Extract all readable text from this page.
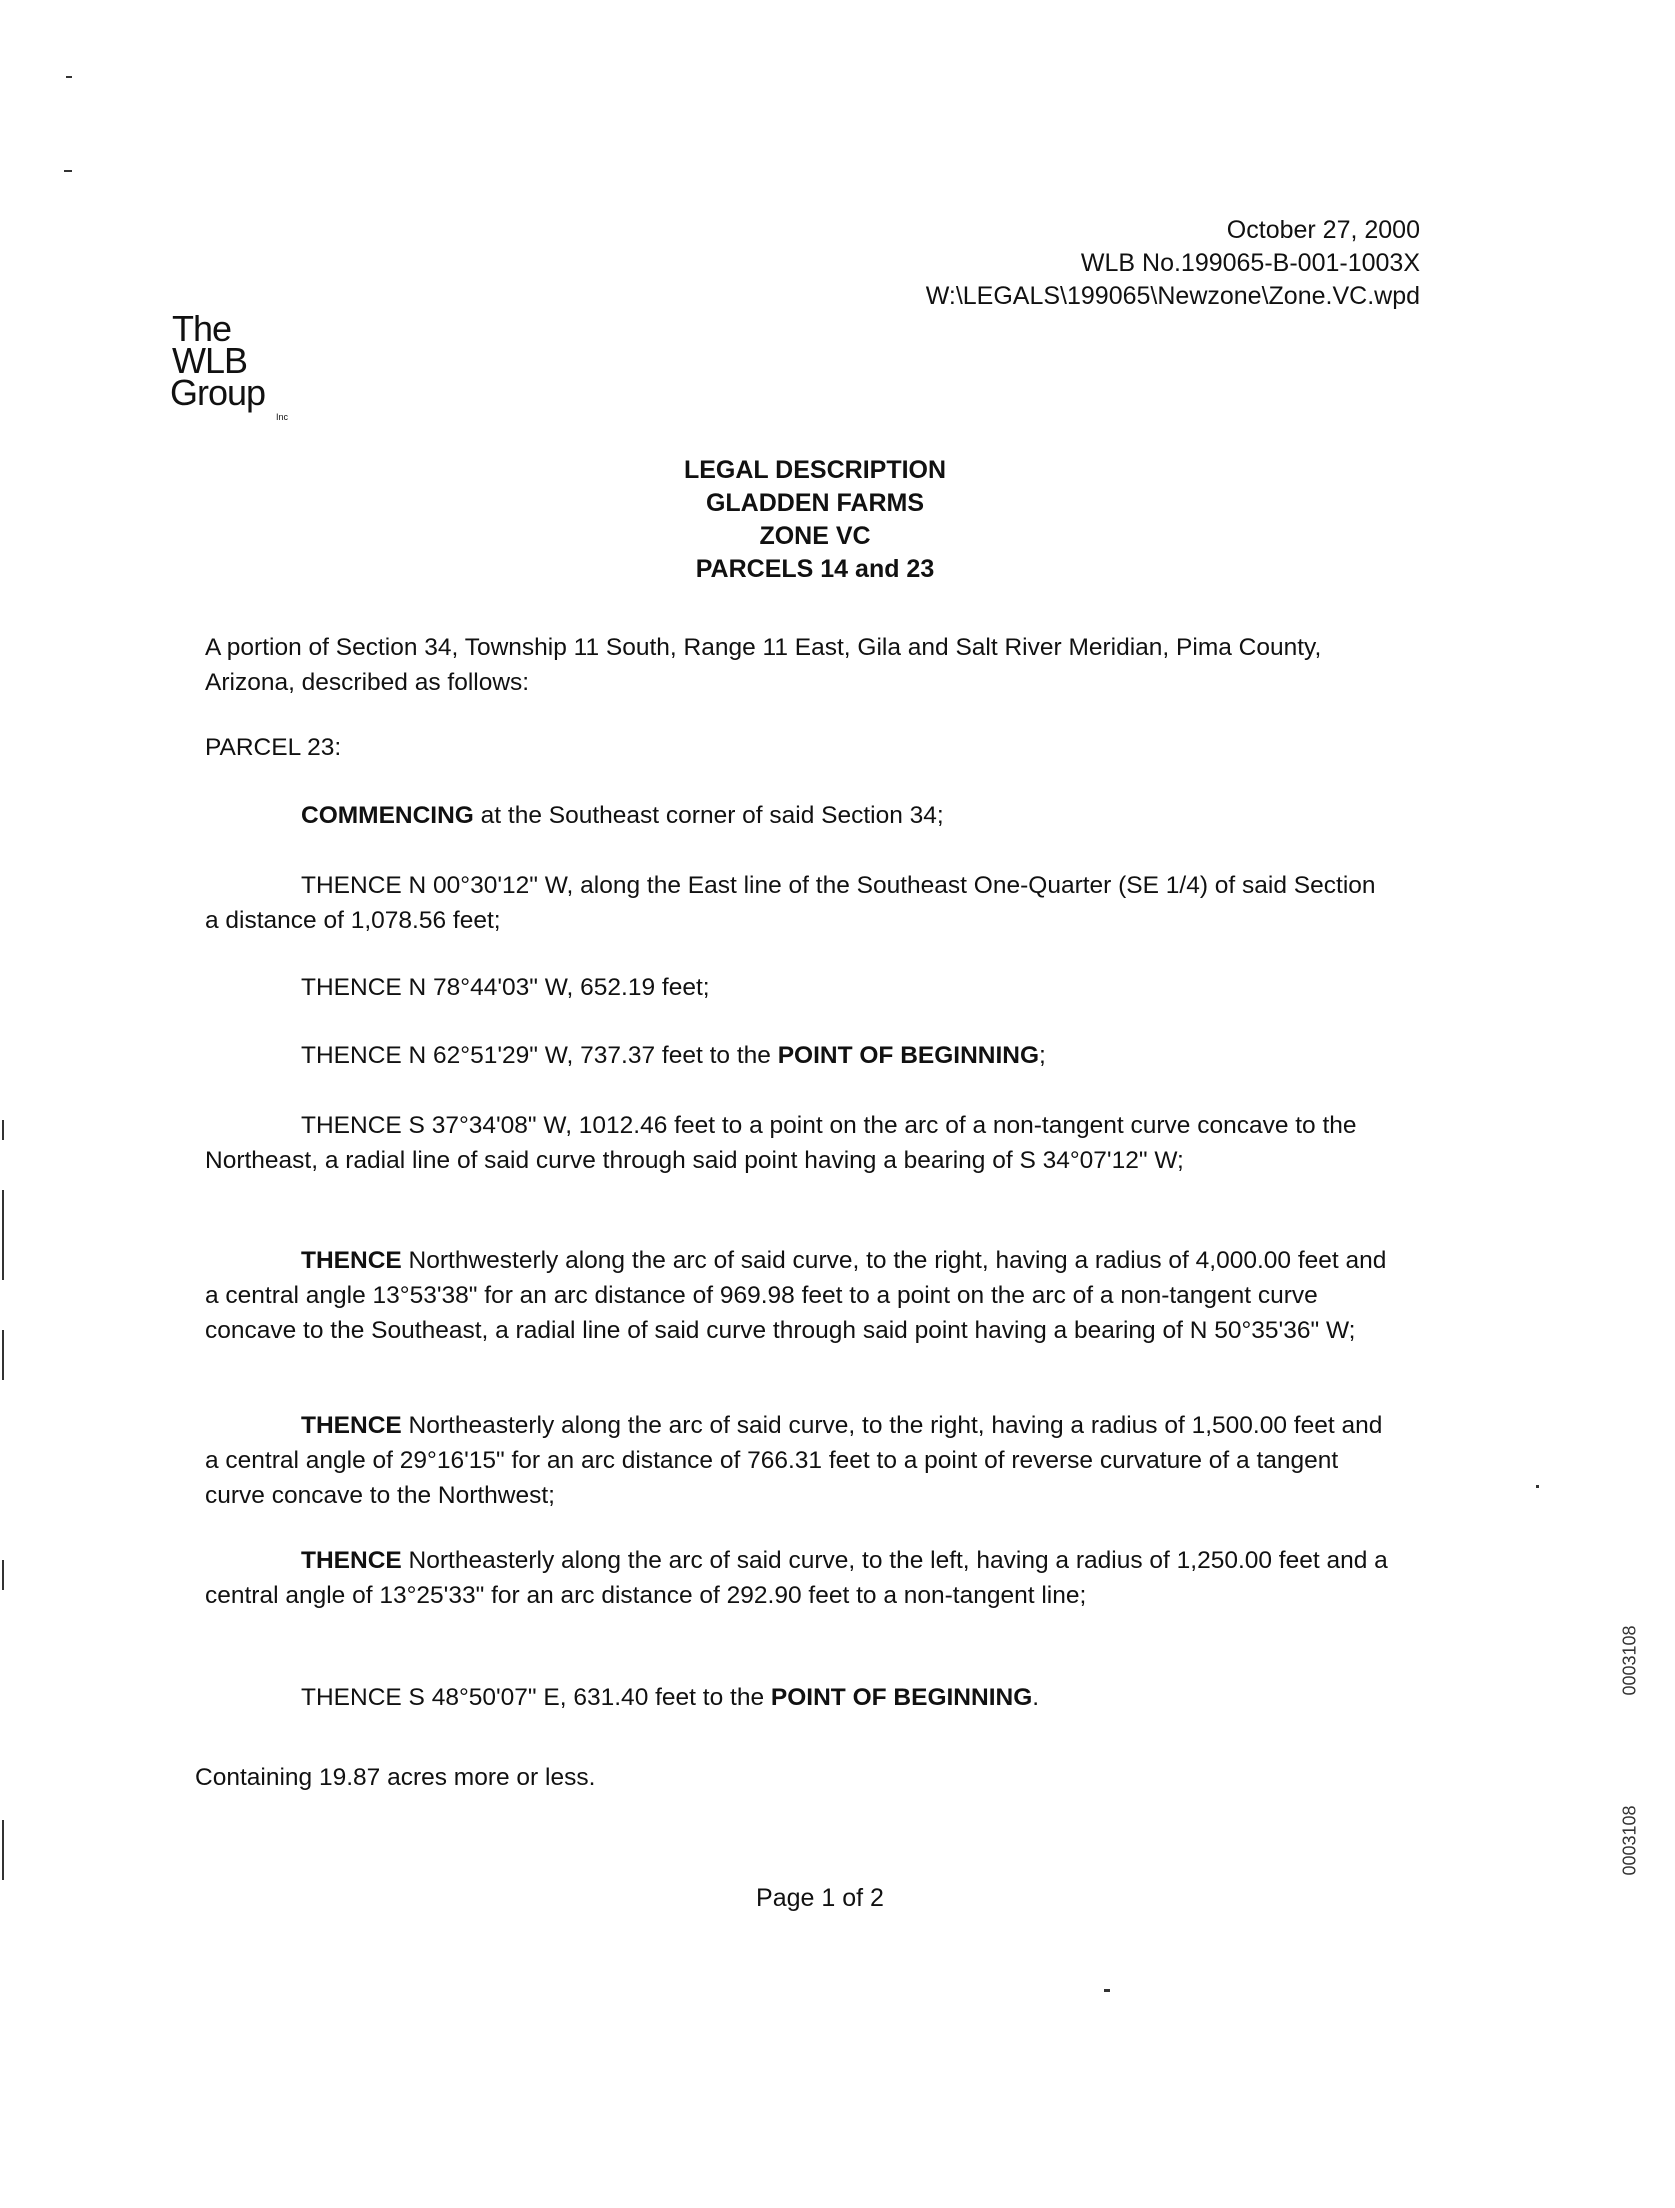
October 27, 2000
WLB No.199065-B-001-1003X
W:\LEGALS\199065\Newzone\Zone.VC.wpd
The
WLB
Group
Inc
LEGAL DESCRIPTION
GLADDEN FARMS
ZONE VC
PARCELS 14 and 23

A portion of Section 34, Township 11 South, Range 11 East, Gila and Salt River Meridian, Pima County, Arizona, described as follows:

PARCEL 23:

COMMENCING at the Southeast corner of said Section 34;

THENCE N 00°30'12" W, along the East line of the Southeast One-Quarter (SE 1/4) of said Section a distance of 1,078.56 feet;

THENCE N 78°44'03" W, 652.19 feet;

THENCE N 62°51'29" W, 737.37 feet to the POINT OF BEGINNING;

THENCE S 37°34'08" W, 1012.46 feet to a point on the arc of a non-tangent curve concave to the Northeast, a radial line of said curve through said point having a bearing of S 34°07'12" W;

THENCE Northwesterly along the arc of said curve, to the right, having a radius of 4,000.00 feet and a central angle 13°53'38" for an arc distance of 969.98 feet to a point on the arc of a non-tangent curve concave to the Southeast, a radial line of said curve through said point having a bearing of N 50°35'36" W;

THENCE Northeasterly along the arc of said curve, to the right, having a radius of 1,500.00 feet and a central angle of 29°16'15" for an arc distance of 766.31 feet to a point of reverse curvature of a tangent curve concave to the Northwest;

THENCE Northeasterly along the arc of said curve, to the left, having a radius of 1,250.00 feet and a central angle of 13°25'33" for an arc distance of 292.90 feet to a non-tangent line;

THENCE S 48°50'07" E, 631.40 feet to the POINT OF BEGINNING.

Containing 19.87 acres more or less.

Page 1 of 2
0003108
0003108
